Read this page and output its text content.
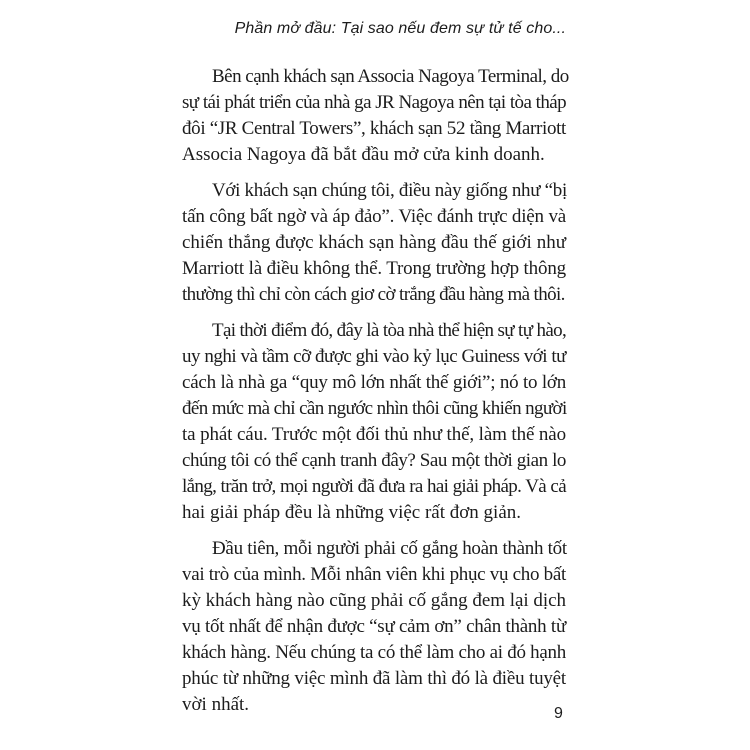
Phần mở đầu: Tại sao nếu đem sự tử tế cho...
Bên cạnh khách sạn Associa Nagoya Terminal, do
sự tái phát triển của nhà ga JR Nagoya nên tại tòa tháp
đôi “JR Central Towers”, khách sạn 52 tầng Marriott
Associa Nagoya đã bắt đầu mở cửa kinh doanh.
Với khách sạn chúng tôi, điều này giống như “bị
tấn công bất ngờ và áp đảo”. Việc đánh trực diện và
chiến thắng được khách sạn hàng đầu thế giới như
Marriott là điều không thể. Trong trường hợp thông
thường thì chỉ còn cách giơ cờ trắng đầu hàng mà thôi.
Tại thời điểm đó, đây là tòa nhà thể hiện sự tự hào,
uy nghi và tầm cỡ được ghi vào kỷ lục Guiness với tư
cách là nhà ga “quy mô lớn nhất thế giới”; nó to lớn
đến mức mà chỉ cần ngước nhìn thôi cũng khiến người
ta phát cáu. Trước một đối thủ như thế, làm thế nào
chúng tôi có thể cạnh tranh đây? Sau một thời gian lo
lắng, trăn trở, mọi người đã đưa ra hai giải pháp. Và cả
hai giải pháp đều là những việc rất đơn giản.
Đầu tiên, mỗi người phải cố gắng hoàn thành tốt
vai trò của mình. Mỗi nhân viên khi phục vụ cho bất
kỳ khách hàng nào cũng phải cố gắng đem lại dịch
vụ tốt nhất để nhận được “sự cảm ơn” chân thành từ
khách hàng. Nếu chúng ta có thể làm cho ai đó hạnh
phúc từ những việc mình đã làm thì đó là điều tuyệt
vời nhất.	9
